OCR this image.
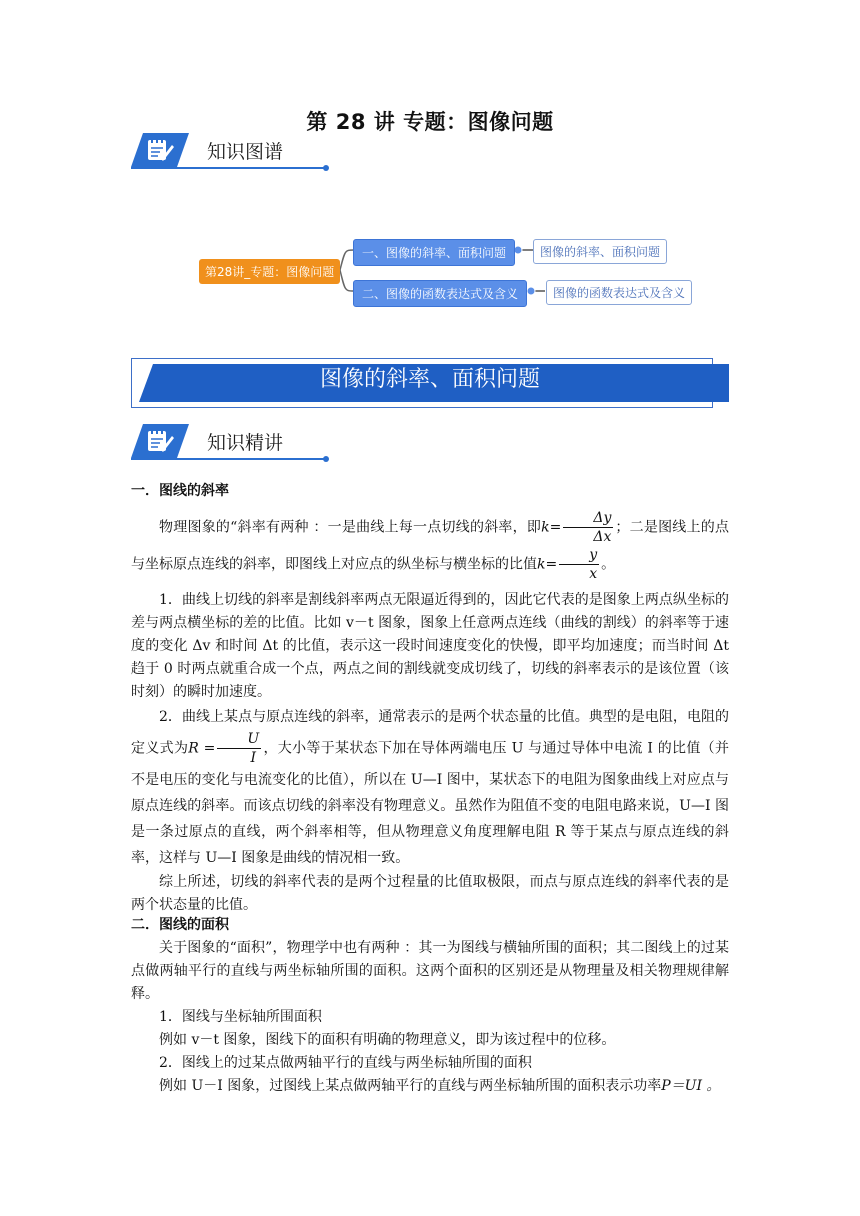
第 28 讲 专题：图像问题
知识图谱
第28讲_专题：图像问题
一、图像的斜率、面积问题	图像的斜率、面积问题
二、图像的函数表达式及含义	图像的函数表达式及含义
图像的斜率、面积问题
知识精讲

一．图线的斜率

物理图象的“斜率有两种 ：一是曲线上每一点切线的斜率，即$k= \frac{\Delta y}{\Delta x}$ ；二是图线上的点与坐标原点连线的斜率，即图线上对应点的纵坐标与横坐标的比值$k= \frac{y}{x}$ 。

1．曲线上切线的斜率是割线斜率两点无限逼近得到的，因此它代表的是图象上两点纵坐标的差与两点横坐标的差的比值。比如 v－t 图象，图象上任意两点连线（曲线的割线）的斜率等于速度的变化 Δv 和时间 Δt 的比值，表示这一段时间速度变化的快慢，即平均加速度；而当时间 Δt 趋于 0 时两点就重合成一个点，两点之间的割线就变成切线了，切线的斜率表示的是该位置（该时刻）的瞬时加速度。

2．曲线上某点与原点连线的斜率，通常表示的是两个状态量的比值。典型的是电阻，电阻的定义式为$R = \frac{U}{I}$ ，大小等于某状态下加在导体两端电压 U 与通过导体中电流 I 的比值（并不是电压的变化与电流变化的比值），所以在 U—I 图中，某状态下的电阻为图象曲线上对应点与原点连线的斜率。而该点切线的斜率没有物理意义。虽然作为阻值不变的电阻电路来说，U—I 图是一条过原点的直线，两个斜率相等，但从物理意义角度理解电阻 R 等于某点与原点连线的斜率，这样与 U—I 图象是曲线的情况相一致。

综上所述，切线的斜率代表的是两个过程量的比值取极限，而点与原点连线的斜率代表的是两个状态量的比值。

二．图线的面积

关于图象的“面积”，物理学中也有两种 ：其一为图线与横轴所围的面积；其二图线上的过某点做两轴平行的直线与两坐标轴所围的面积。这两个面积的区别还是从物理量及相关物理规律解释。

1．图线与坐标轴所围面积

例如 v－t 图象，图线下的面积有明确的物理意义，即为该过程中的位移。

2．图线上的过某点做两轴平行的直线与两坐标轴所围的面积

例如 U－I 图象，过图线上某点做两轴平行的直线与两坐标轴所围的面积表示功率P＝UI 。
